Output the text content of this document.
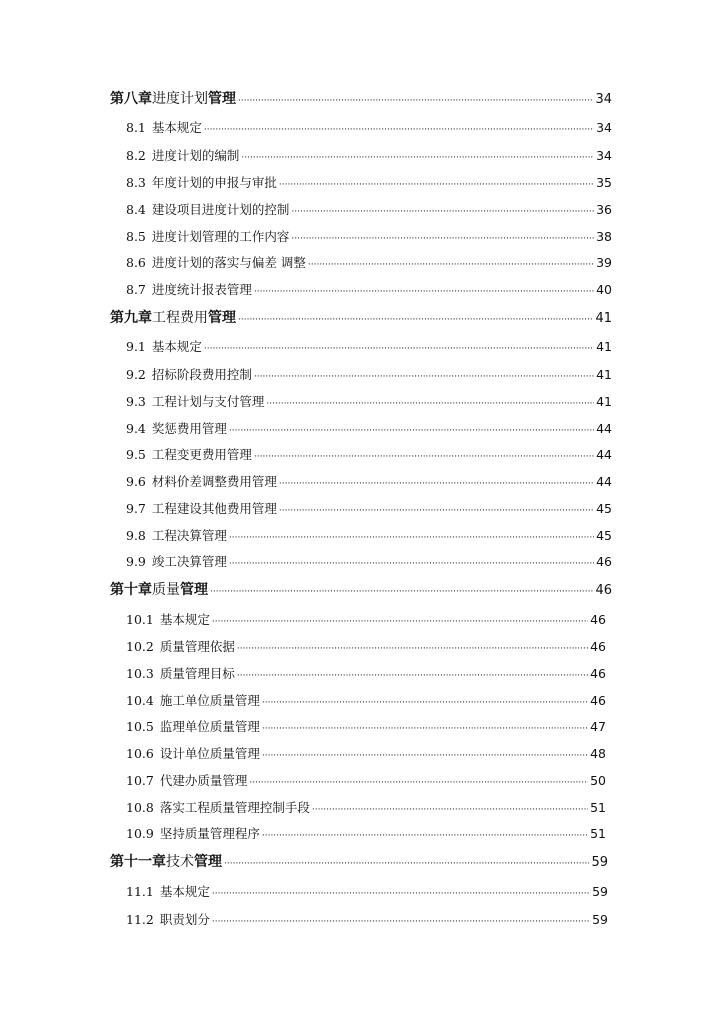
第八章进度计划管理 ·····	34
8.1 基本规定 ·····	34
8.2 进度计划的编制 ·····	34
8.3 年度计划的申报与审批 ·····	35
8.4 建设项目进度计划的控制 ·····	36
8.5 进度计划管理的工作内容 ·····	38
8.6 进度计划的落实与偏差 调整 ·····	39
8.7 进度统计报表管理 ·····	40
第九章工程费用管理 ·····	41
9.1 基本规定 ·····	41
9.2 招标阶段费用控制 ·····	41
9.3 工程计划与支付管理 ·····	41
9.4 奖惩费用管理 ·····	44
9.5 工程变更费用管理 ·····	44
9.6 材料价差调整费用管理 ·····	44
9.7 工程建设其他费用管理 ·····	45
9.8 工程决算管理 ·····	45
9.9 竣工决算管理 ·····	46
第十章质量管理 ·····	46
10.1 基本规定 ·····	46
10.2 质量管理依据 ·····	46
10.3 质量管理目标 ·····	46
10.4 施工单位质量管理 ·····	46
10.5 监理单位质量管理 ·····	47
10.6 设计单位质量管理 ·····	48
10.7 代建办质量管理 ·····	50
10.8 落实工程质量管理控制手段 ·····	51
10.9 坚持质量管理程序 ·····	51
第十一章技术管理 ·····	59
11.1 基本规定 ·····	59
11.2 职责划分 ·····	59
